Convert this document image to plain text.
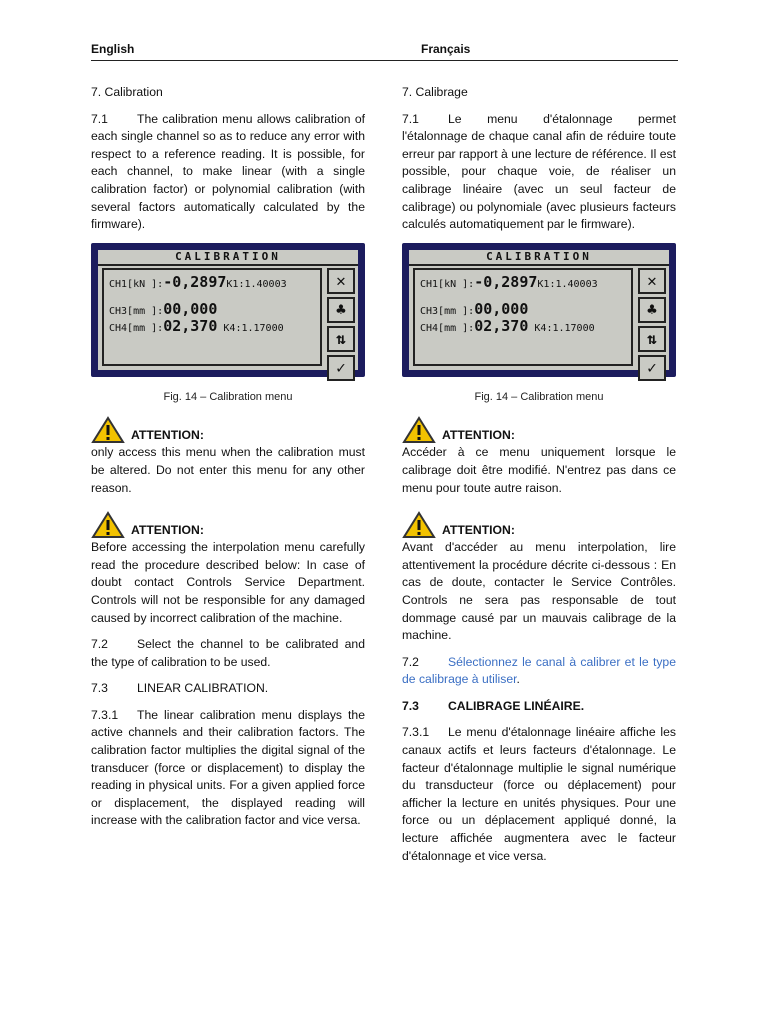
English	Français

7. Calibration

7.1 The calibration menu allows calibration of each single channel so as to reduce any error with respect to a reference reading. It is possible, for each channel, to make linear (with a single calibration factor) or polynomial calibration (with several factors automatically calculated by the firmware).

CALIBRATION
CH1[kN ]:-0,2897K1:1.40003
CH3[mm ]:00,000
CH4[mm ]:02,370 K4:1.17000
✕
♣
⇅
✓
Fig. 14 – Calibration menu
ATTENTION:

only access this menu when the calibration must be altered. Do not enter this menu for any other reason.

ATTENTION:

Before accessing the interpolation menu carefully read the procedure described below: In case of doubt contact Controls Service Department. Controls will not be responsible for any damaged caused by incorrect calibration of the machine.

7.2 Select the channel to be calibrated and the type of calibration to be used.

7.3 LINEAR CALIBRATION.

7.3.1 The linear calibration menu displays the active channels and their calibration factors. The calibration factor multiplies the digital signal of the transducer (force or displacement) to display the reading in physical units. For a given applied force or displacement, the displayed reading will increase with the calibration factor and vice versa.

7. Calibrage

7.1 Le menu d'étalonnage permet l'étalonnage de chaque canal afin de réduire toute erreur par rapport à une lecture de référence. Il est possible, pour chaque voie, de réaliser un calibrage linéaire (avec un seul facteur de calibrage) ou polynomiale (avec plusieurs facteurs calculés automatiquement par le firmware).

CALIBRATION
CH1[kN ]:-0,2897K1:1.40003
CH3[mm ]:00,000
CH4[mm ]:02,370 K4:1.17000
✕
♣
⇅
✓
Fig. 14 – Calibration menu
ATTENTION:

Accéder à ce menu uniquement lorsque le calibrage doit être modifié. N'entrez pas dans ce menu pour toute autre raison.

ATTENTION:

Avant d'accéder au menu interpolation, lire attentivement la procédure décrite ci-dessous : En cas de doute, contacter le Service Contrôles. Controls ne sera pas responsable de tout dommage causé par un mauvais calibrage de la machine.

7.2 Sélectionnez le canal à calibrer et le type de calibrage à utiliser.

7.3 CALIBRAGE LINÉAIRE.

7.3.1 Le menu d'étalonnage linéaire affiche les canaux actifs et leurs facteurs d'étalonnage. Le facteur d'étalonnage multiplie le signal numérique du transducteur (force ou déplacement) pour afficher la lecture en unités physiques. Pour une force ou un déplacement appliqué donné, la lecture affichée augmentera avec le facteur d'étalonnage et vice versa.
